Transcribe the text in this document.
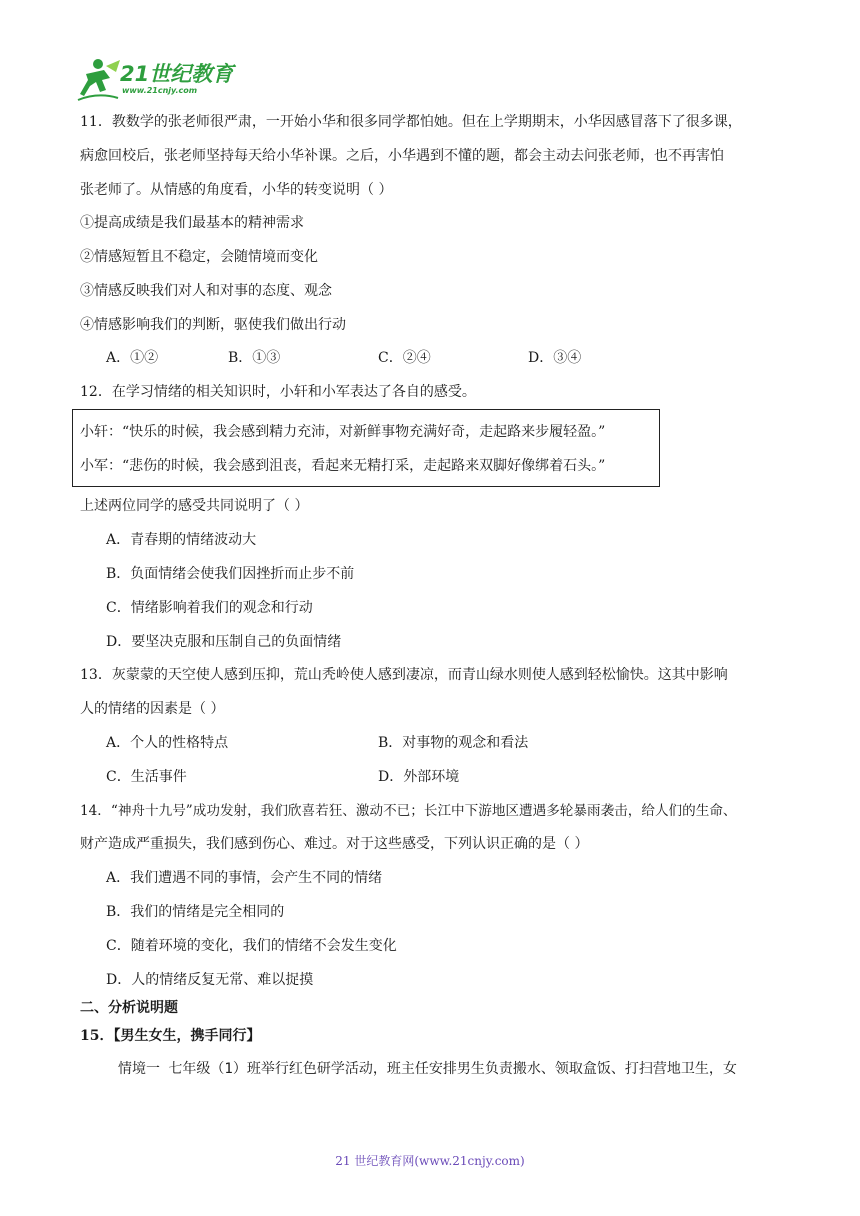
21世纪教育
www.21cnjy.com
11．教数学的张老师很严肃，一开始小华和很多同学都怕她。但在上学期期末，小华因感冒落下了很多课，
病愈回校后，张老师坚持每天给小华补课。之后，小华遇到不懂的题，都会主动去问张老师，也不再害怕
张老师了。从情感的角度看，小华的转变说明（ ）
①提高成绩是我们最基本的精神需求
②情感短暂且不稳定，会随情境而变化
③情感反映我们对人和对事的态度、观念
④情感影响我们的判断，驱使我们做出行动
A．①②	B．①③	C．②④	D．③④
12．在学习情绪的相关知识时，小轩和小军表达了各自的感受。
小轩：“快乐的时候，我会感到精力充沛，对新鲜事物充满好奇，走起路来步履轻盈。”
小军：“悲伤的时候，我会感到沮丧，看起来无精打采，走起路来双脚好像绑着石头。”
上述两位同学的感受共同说明了（ ）
A．青春期的情绪波动大
B．负面情绪会使我们因挫折而止步不前
C．情绪影响着我们的观念和行动
D．要坚决克服和压制自己的负面情绪
13．灰蒙蒙的天空使人感到压抑，荒山秃岭使人感到凄凉，而青山绿水则使人感到轻松愉快。这其中影响
人的情绪的因素是（ ）
A．个人的性格特点	B．对事物的观念和看法
C．生活事件	D．外部环境
14．“神舟十九号”成功发射，我们欣喜若狂、激动不已；长江中下游地区遭遇多轮暴雨袭击，给人们的生命、
财产造成严重损失，我们感到伤心、难过。对于这些感受，下列认识正确的是（ ）
A．我们遭遇不同的事情，会产生不同的情绪
B．我们的情绪是完全相同的
C．随着环境的变化，我们的情绪不会发生变化
D．人的情绪反复无常、难以捉摸
二、分析说明题
15．【男生女生，携手同行】
情境一 七年级（1）班举行红色研学活动，班主任安排男生负责搬水、领取盒饭、打扫营地卫生，女
21 世纪教育网(www.21cnjy.com)
